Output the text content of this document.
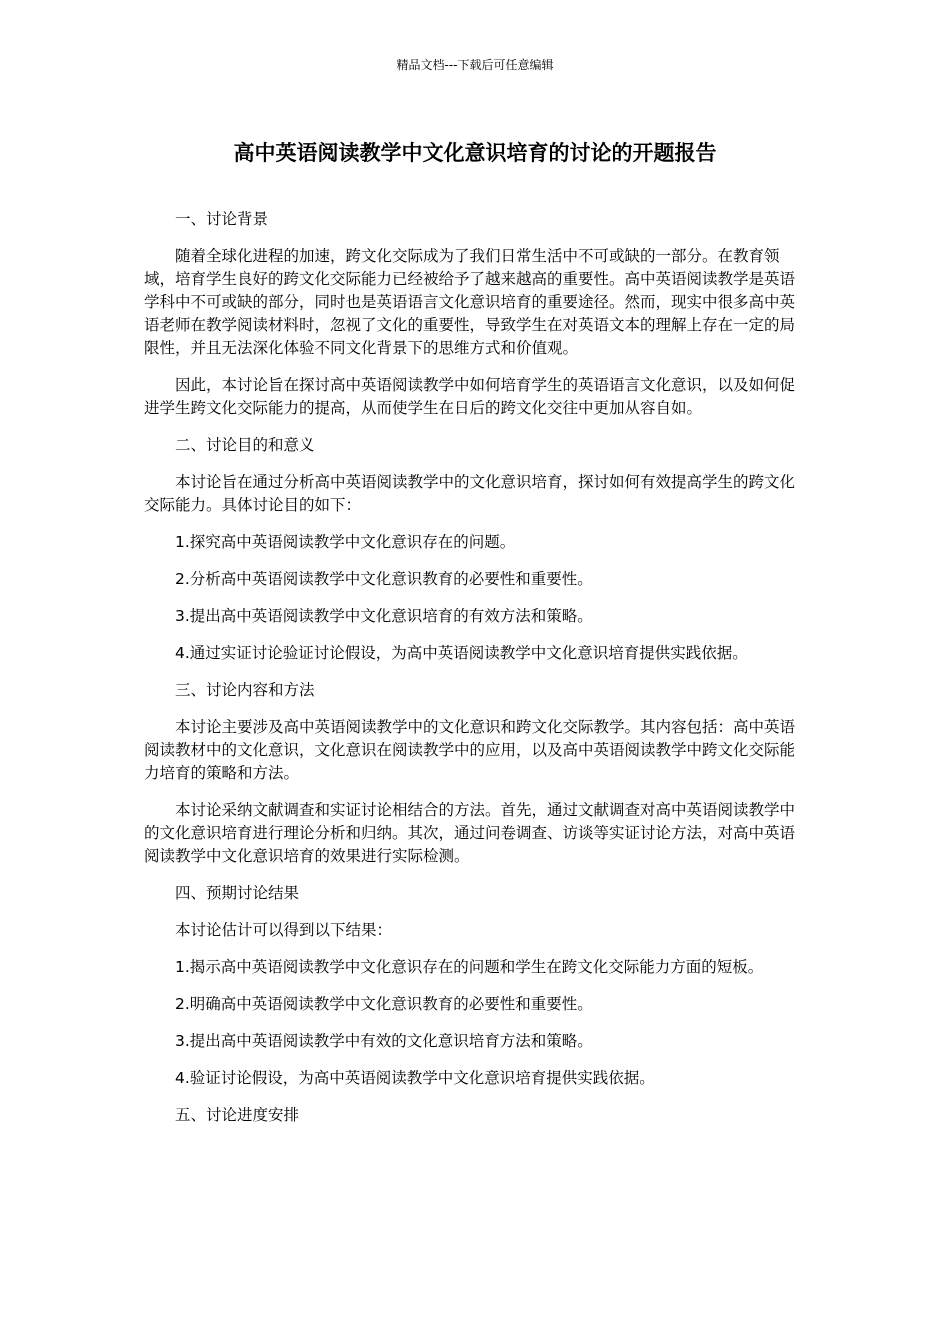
精品文档---下载后可任意编辑
高中英语阅读教学中文化意识培育的讨论的开题报告

一、讨论背景

随着全球化进程的加速，跨文化交际成为了我们日常生活中不可或缺的一部分。在教育领域，培育学生良好的跨文化交际能力已经被给予了越来越高的重要性。高中英语阅读教学是英语学科中不可或缺的部分，同时也是英语语言文化意识培育的重要途径。然而，现实中很多高中英语老师在教学阅读材料时，忽视了文化的重要性，导致学生在对英语文本的理解上存在一定的局限性，并且无法深化体验不同文化背景下的思维方式和价值观。

因此，本讨论旨在探讨高中英语阅读教学中如何培育学生的英语语言文化意识，以及如何促进学生跨文化交际能力的提高，从而使学生在日后的跨文化交往中更加从容自如。

二、讨论目的和意义

本讨论旨在通过分析高中英语阅读教学中的文化意识培育，探讨如何有效提高学生的跨文化交际能力。具体讨论目的如下：

1.探究高中英语阅读教学中文化意识存在的问题。

2.分析高中英语阅读教学中文化意识教育的必要性和重要性。

3.提出高中英语阅读教学中文化意识培育的有效方法和策略。

4.通过实证讨论验证讨论假设，为高中英语阅读教学中文化意识培育提供实践依据。

三、讨论内容和方法

本讨论主要涉及高中英语阅读教学中的文化意识和跨文化交际教学。其内容包括：高中英语阅读教材中的文化意识，文化意识在阅读教学中的应用，以及高中英语阅读教学中跨文化交际能力培育的策略和方法。

本讨论采纳文献调查和实证讨论相结合的方法。首先，通过文献调查对高中英语阅读教学中的文化意识培育进行理论分析和归纳。其次，通过问卷调查、访谈等实证讨论方法，对高中英语阅读教学中文化意识培育的效果进行实际检测。

四、预期讨论结果

本讨论估计可以得到以下结果：

1.揭示高中英语阅读教学中文化意识存在的问题和学生在跨文化交际能力方面的短板。

2.明确高中英语阅读教学中文化意识教育的必要性和重要性。

3.提出高中英语阅读教学中有效的文化意识培育方法和策略。

4.验证讨论假设，为高中英语阅读教学中文化意识培育提供实践依据。

五、讨论进度安排
